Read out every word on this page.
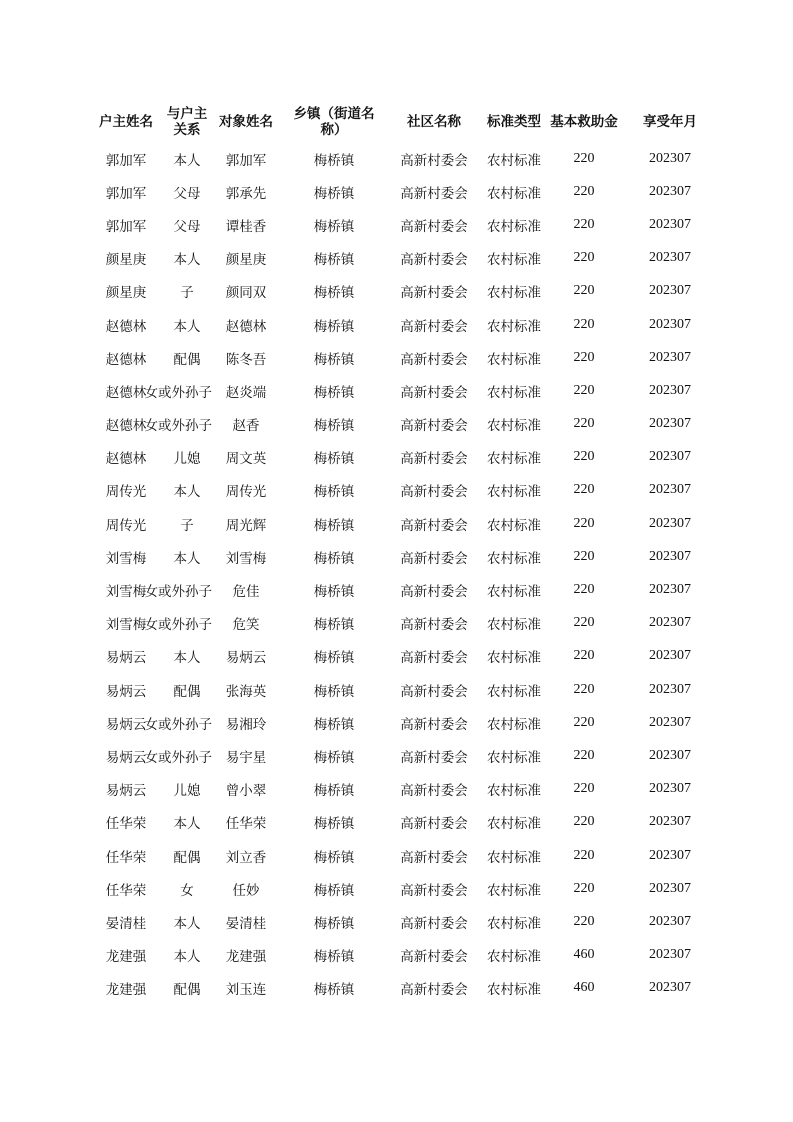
户主姓名	与户主关系	对象姓名	乡镇（街道名称）	社区名称	标准类型	基本救助金	享受年月
郭加军	本人	郭加军	梅桥镇	高新村委会	农村标准	220	202307
郭加军	父母	郭承先	梅桥镇	高新村委会	农村标准	220	202307
郭加军	父母	谭桂香	梅桥镇	高新村委会	农村标准	220	202307
颜星庚	本人	颜星庚	梅桥镇	高新村委会	农村标准	220	202307
颜星庚	子	颜同双	梅桥镇	高新村委会	农村标准	220	202307
赵德林	本人	赵德林	梅桥镇	高新村委会	农村标准	220	202307
赵德林	配偶	陈冬吾	梅桥镇	高新村委会	农村标准	220	202307
赵德林	女或外孙子	赵炎端	梅桥镇	高新村委会	农村标准	220	202307
赵德林	女或外孙子	赵香	梅桥镇	高新村委会	农村标准	220	202307
赵德林	儿媳	周文英	梅桥镇	高新村委会	农村标准	220	202307
周传光	本人	周传光	梅桥镇	高新村委会	农村标准	220	202307
周传光	子	周光辉	梅桥镇	高新村委会	农村标准	220	202307
刘雪梅	本人	刘雪梅	梅桥镇	高新村委会	农村标准	220	202307
刘雪梅	女或外孙子	危佳	梅桥镇	高新村委会	农村标准	220	202307
刘雪梅	女或外孙子	危笑	梅桥镇	高新村委会	农村标准	220	202307
易炳云	本人	易炳云	梅桥镇	高新村委会	农村标准	220	202307
易炳云	配偶	张海英	梅桥镇	高新村委会	农村标准	220	202307
易炳云	女或外孙子	易湘玲	梅桥镇	高新村委会	农村标准	220	202307
易炳云	女或外孙子	易宇星	梅桥镇	高新村委会	农村标准	220	202307
易炳云	儿媳	曾小翠	梅桥镇	高新村委会	农村标准	220	202307
任华荣	本人	任华荣	梅桥镇	高新村委会	农村标准	220	202307
任华荣	配偶	刘立香	梅桥镇	高新村委会	农村标准	220	202307
任华荣	女	任妙	梅桥镇	高新村委会	农村标准	220	202307
晏清桂	本人	晏清桂	梅桥镇	高新村委会	农村标准	220	202307
龙建强	本人	龙建强	梅桥镇	高新村委会	农村标准	460	202307
龙建强	配偶	刘玉连	梅桥镇	高新村委会	农村标准	460	202307
